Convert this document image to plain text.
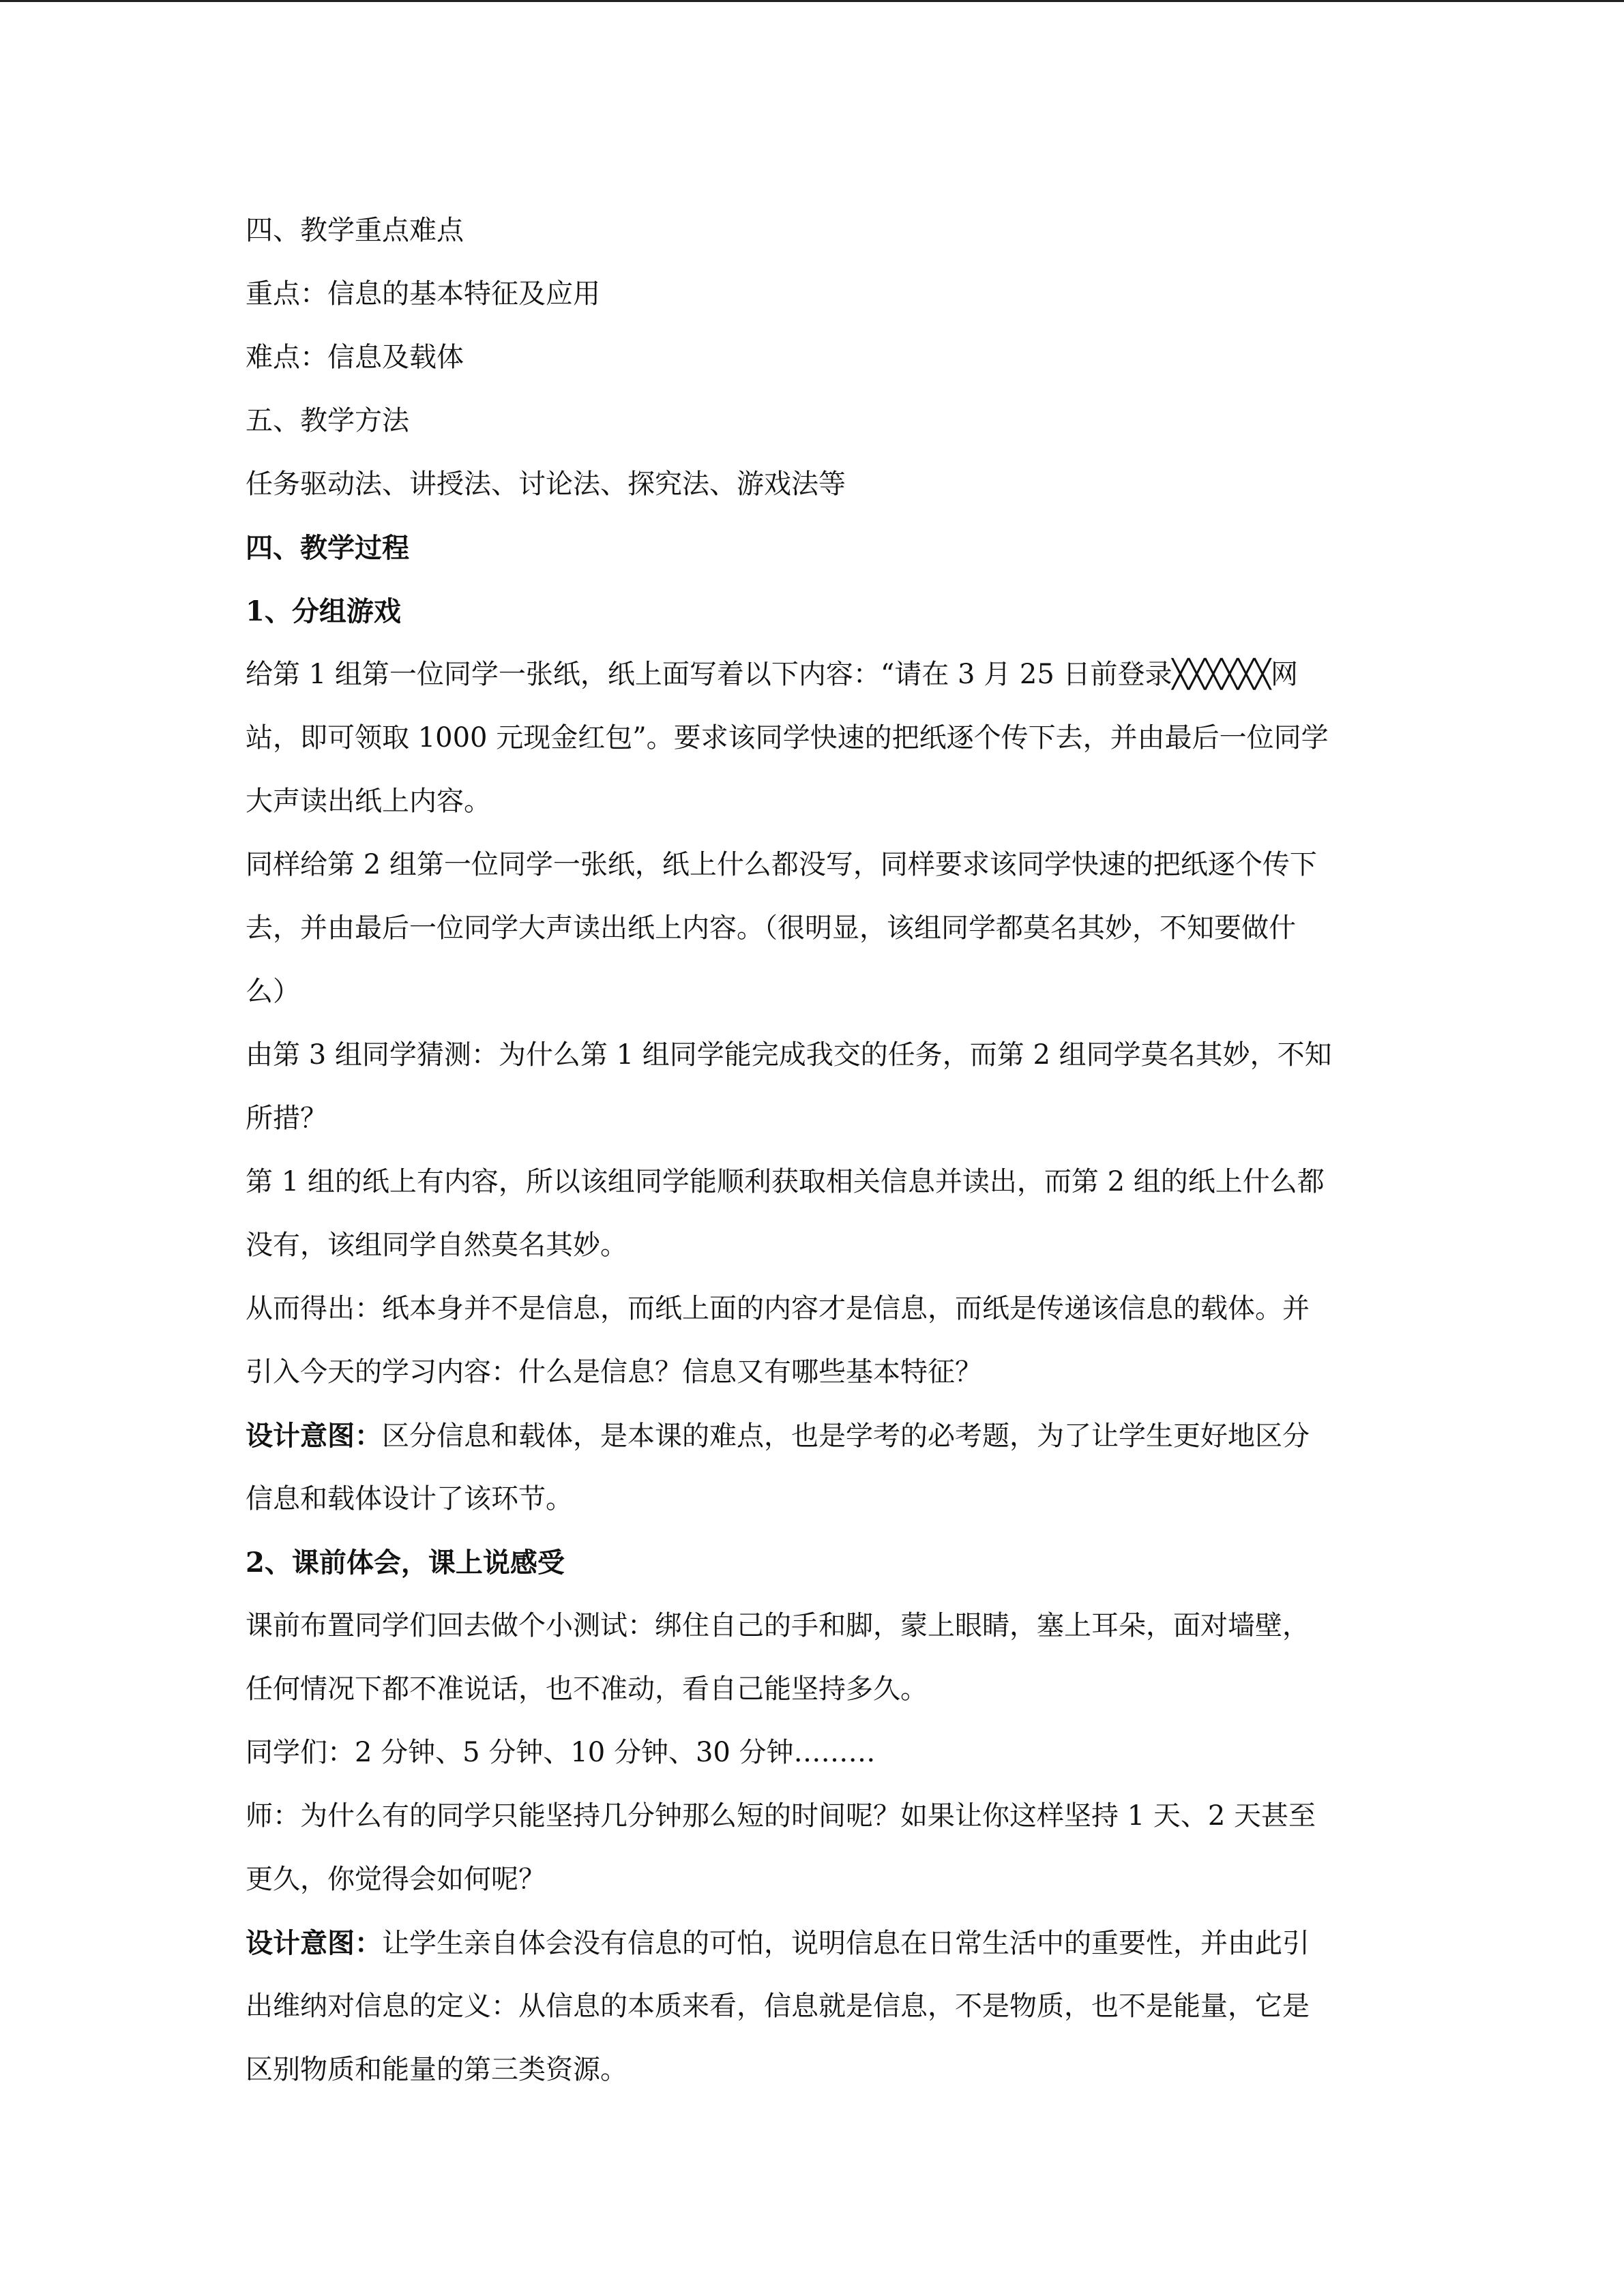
四、教学重点难点
重点：信息的基本特征及应用
难点：信息及载体
五、教学方法
任务驱动法、讲授法、讨论法、探究法、游戏法等
四、教学过程
1、分组游戏
给第 1 组第一位同学一张纸，纸上面写着以下内容：“请在 3 月 25 日前登录╳╳╳╳╳╳网
站，即可领取 1000 元现金红包”。要求该同学快速的把纸逐个传下去，并由最后一位同学
大声读出纸上内容。
同样给第 2 组第一位同学一张纸，纸上什么都没写，同样要求该同学快速的把纸逐个传下
去，并由最后一位同学大声读出纸上内容。（很明显，该组同学都莫名其妙，不知要做什
么）
由第 3 组同学猜测：为什么第 1 组同学能完成我交的任务，而第 2 组同学莫名其妙，不知
所措？
第 1 组的纸上有内容，所以该组同学能顺利获取相关信息并读出，而第 2 组的纸上什么都
没有，该组同学自然莫名其妙。
从而得出：纸本身并不是信息，而纸上面的内容才是信息，而纸是传递该信息的载体。并
引入今天的学习内容：什么是信息？信息又有哪些基本特征？
设计意图：区分信息和载体，是本课的难点，也是学考的必考题，为了让学生更好地区分
信息和载体设计了该环节。
2、课前体会，课上说感受
课前布置同学们回去做个小测试：绑住自己的手和脚，蒙上眼睛，塞上耳朵，面对墙壁，
任何情况下都不准说话，也不准动，看自己能坚持多久。
同学们：2 分钟、5 分钟、10 分钟、30 分钟………
师：为什么有的同学只能坚持几分钟那么短的时间呢？如果让你这样坚持 1 天、2 天甚至
更久，你觉得会如何呢？
设计意图：让学生亲自体会没有信息的可怕，说明信息在日常生活中的重要性，并由此引
出维纳对信息的定义：从信息的本质来看，信息就是信息，不是物质，也不是能量，它是
区别物质和能量的第三类资源。
